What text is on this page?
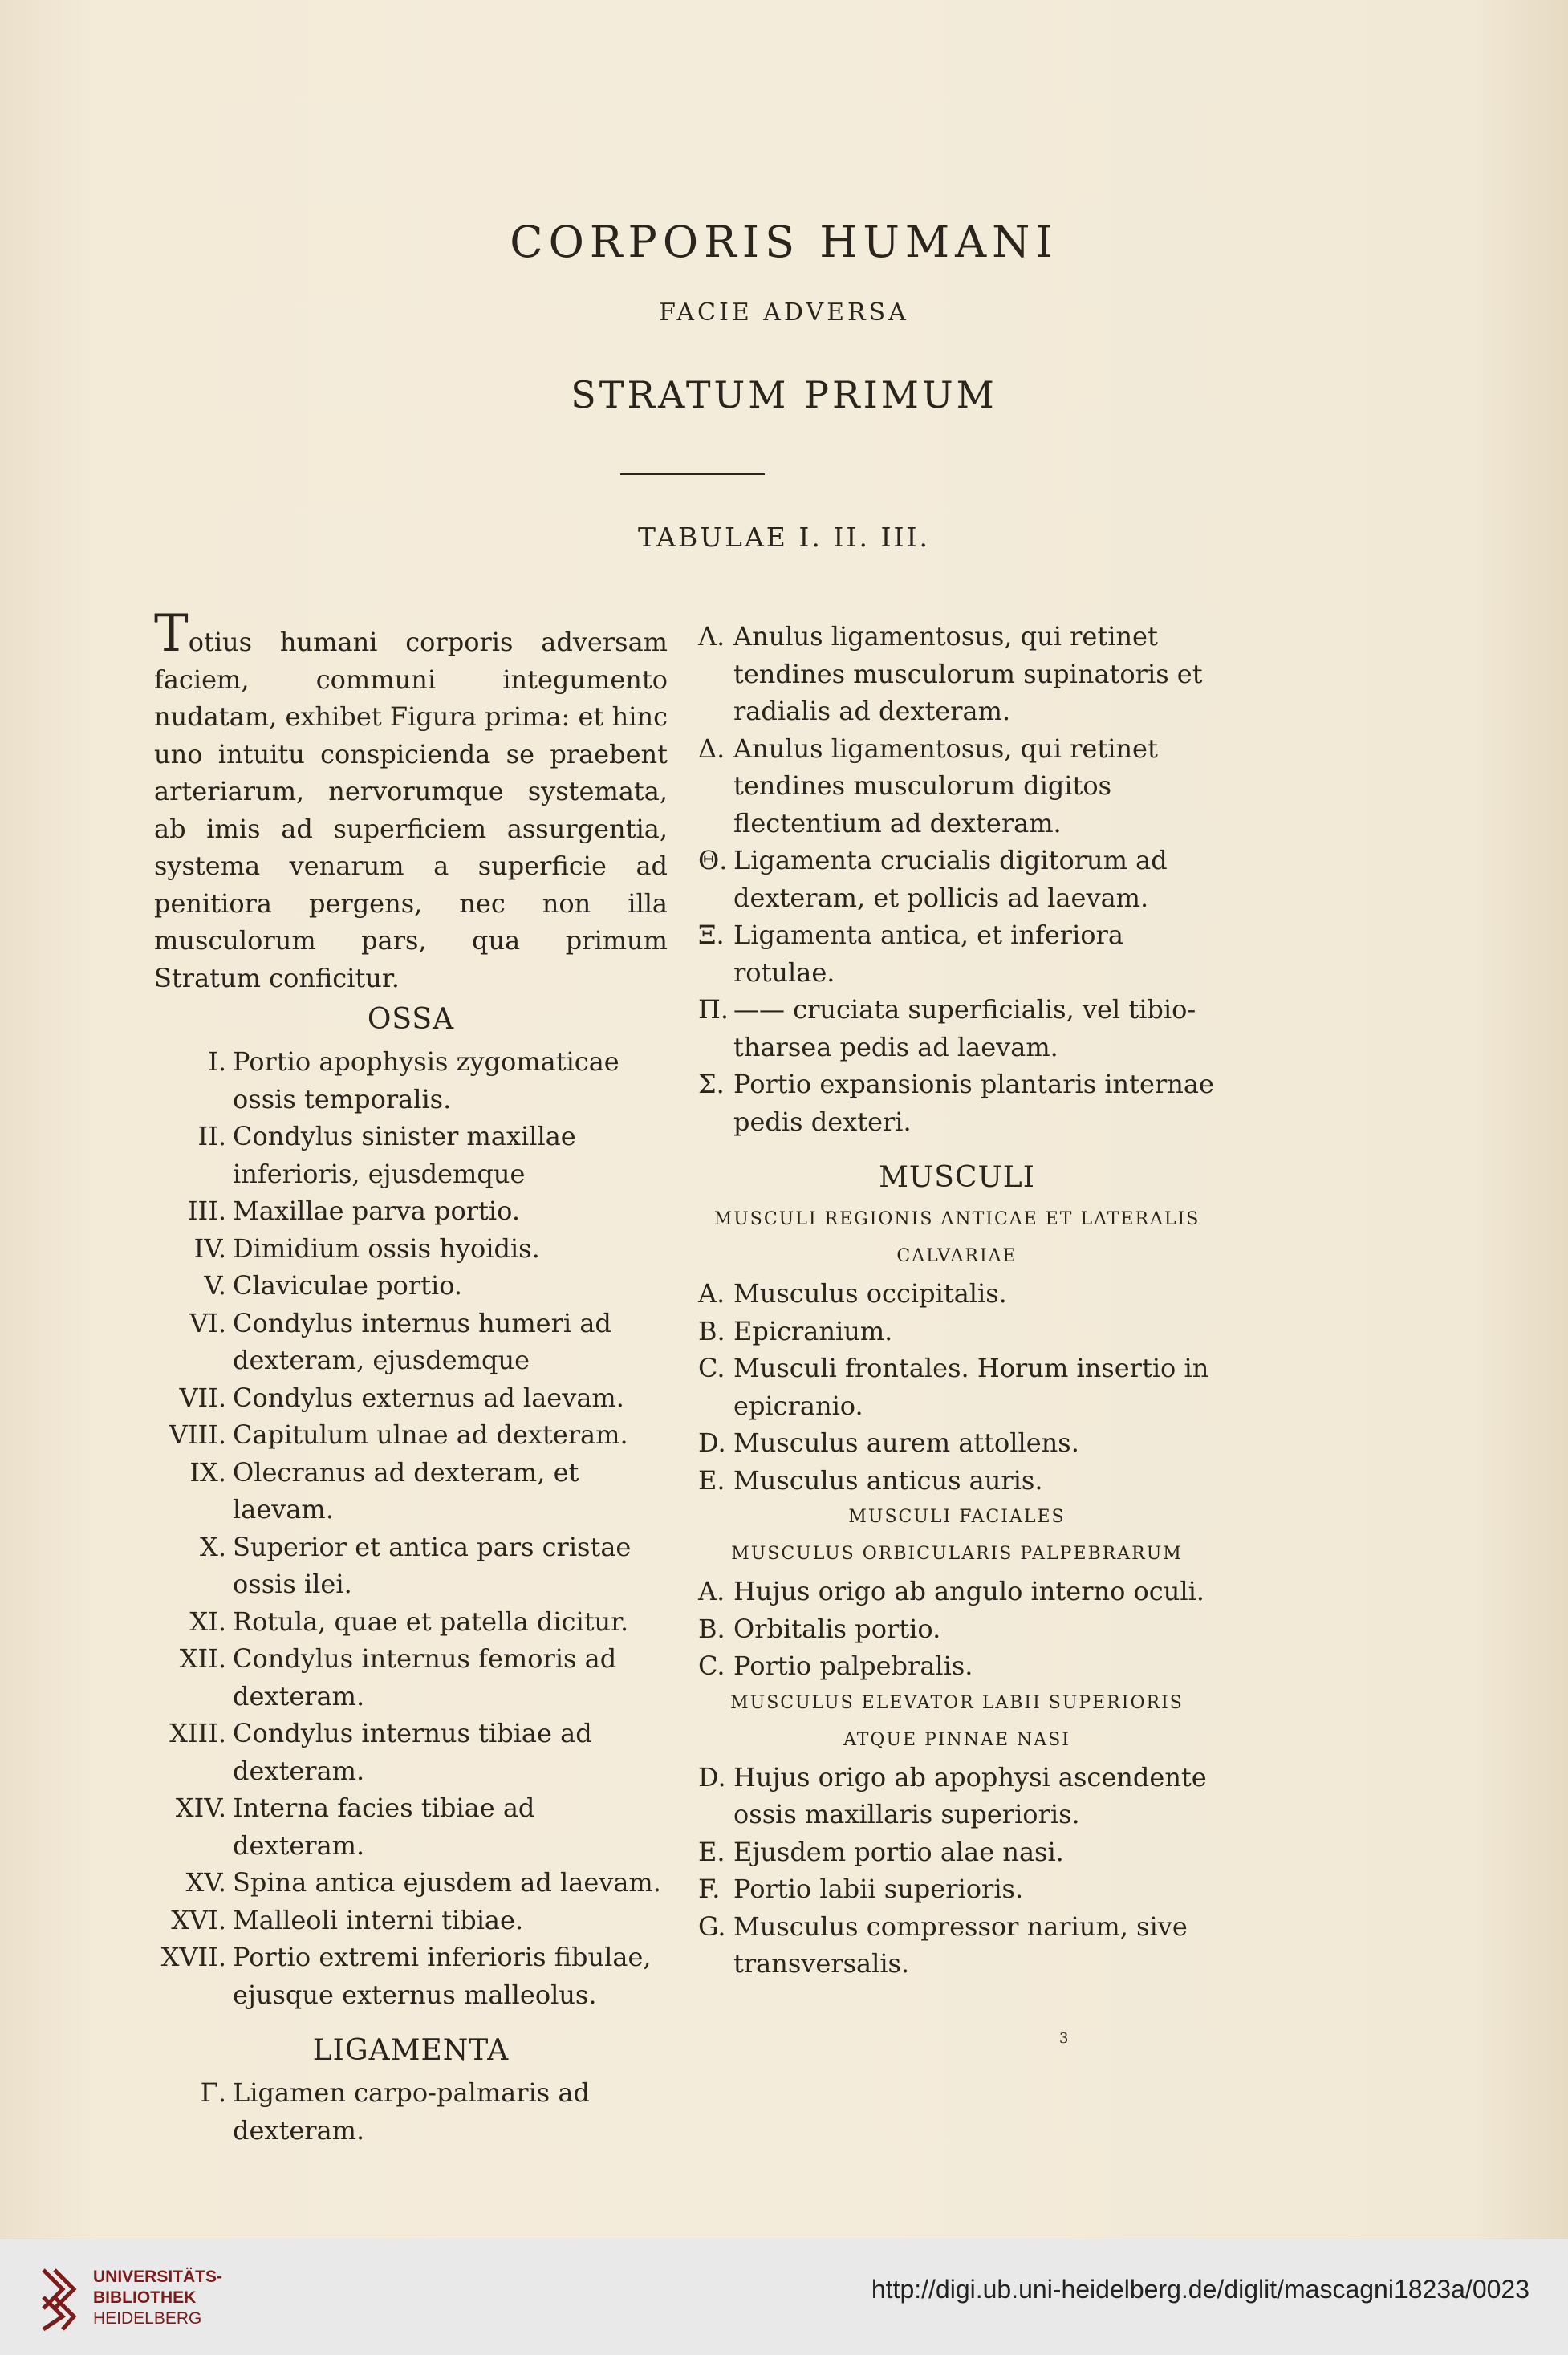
CORPORIS HUMANI
FACIE ADVERSA
STRATUM PRIMUM
TABULAE I. II. III.
Totius humani corporis adversam faciem, communi integumento nudatam, exhibet Figura prima: et hinc uno intuitu conspicienda se praebent arteriarum, nervorumque systemata, ab imis ad superficiem assurgentia, systema venarum a superficie ad penitiora pergens, nec non illa musculorum pars, qua primum Stratum conficitur.
OSSA
I. Portio apophysis zygomaticae ossis temporalis.
II. Condylus sinister maxillae inferioris, ejusdemque
III. Maxillae parva portio.
IV. Dimidium ossis hyoidis.
V. Claviculae portio.
VI. Condylus internus humeri ad dexteram, ejusdemque
VII. Condylus externus ad laevam.
VIII. Capitulum ulnae ad dexteram.
IX. Olecranus ad dexteram, et laevam.
X. Superior et antica pars cristae ossis ilei.
XI. Rotula, quae et patella dicitur.
XII. Condylus internus femoris ad dexteram.
XIII. Condylus internus tibiae ad dexteram.
XIV. Interna facies tibiae ad dexteram.
XV. Spina antica ejusdem ad laevam.
XVI. Malleoli interni tibiae.
XVII. Portio extremi inferioris fibulae, ejusque externus malleolus.
LIGAMENTA
Γ. Ligamen carpo-palmaris ad dexteram.
Λ. Anulus ligamentosus, qui retinet tendines musculorum supinatoris et radialis ad dexteram.
Δ. Anulus ligamentosus, qui retinet tendines musculorum digitos flectentium ad dexteram.
Θ. Ligamenta crucialis digitorum ad dexteram, et pollicis ad laevam.
Ξ. Ligamenta antica, et inferiora rotulae.
Π. —— cruciata superficialis, vel tibio-tharsea pedis ad laevam.
Σ. Portio expansionis plantaris internae pedis dexteri.
MUSCULI
MUSCULI REGIONIS ANTICAE ET LATERALIS
CALVARIAE
A. Musculus occipitalis.
B. Epicranium.
C. Musculi frontales. Horum insertio in epicranio.
D. Musculus aurem attollens.
E. Musculus anticus auris.
MUSCULI FACIALES
MUSCULUS ORBICULARIS PALPEBRARUM
A. Hujus origo ab angulo interno oculi.
B. Orbitalis portio.
C. Portio palpebralis.
MUSCULUS ELEVATOR LABII SUPERIORIS
ATQUE PINNAE NASI
D. Hujus origo ab apophysi ascendente ossis maxillaris superioris.
E. Ejusdem portio alae nasi.
F. Portio labii superioris.
G. Musculus compressor narium, sive transversalis.
3
UNIVERSITÄTS-
BIBLIOTHEK
HEIDELBERG
http://digi.ub.uni-heidelberg.de/diglit/mascagni1823a/0023
